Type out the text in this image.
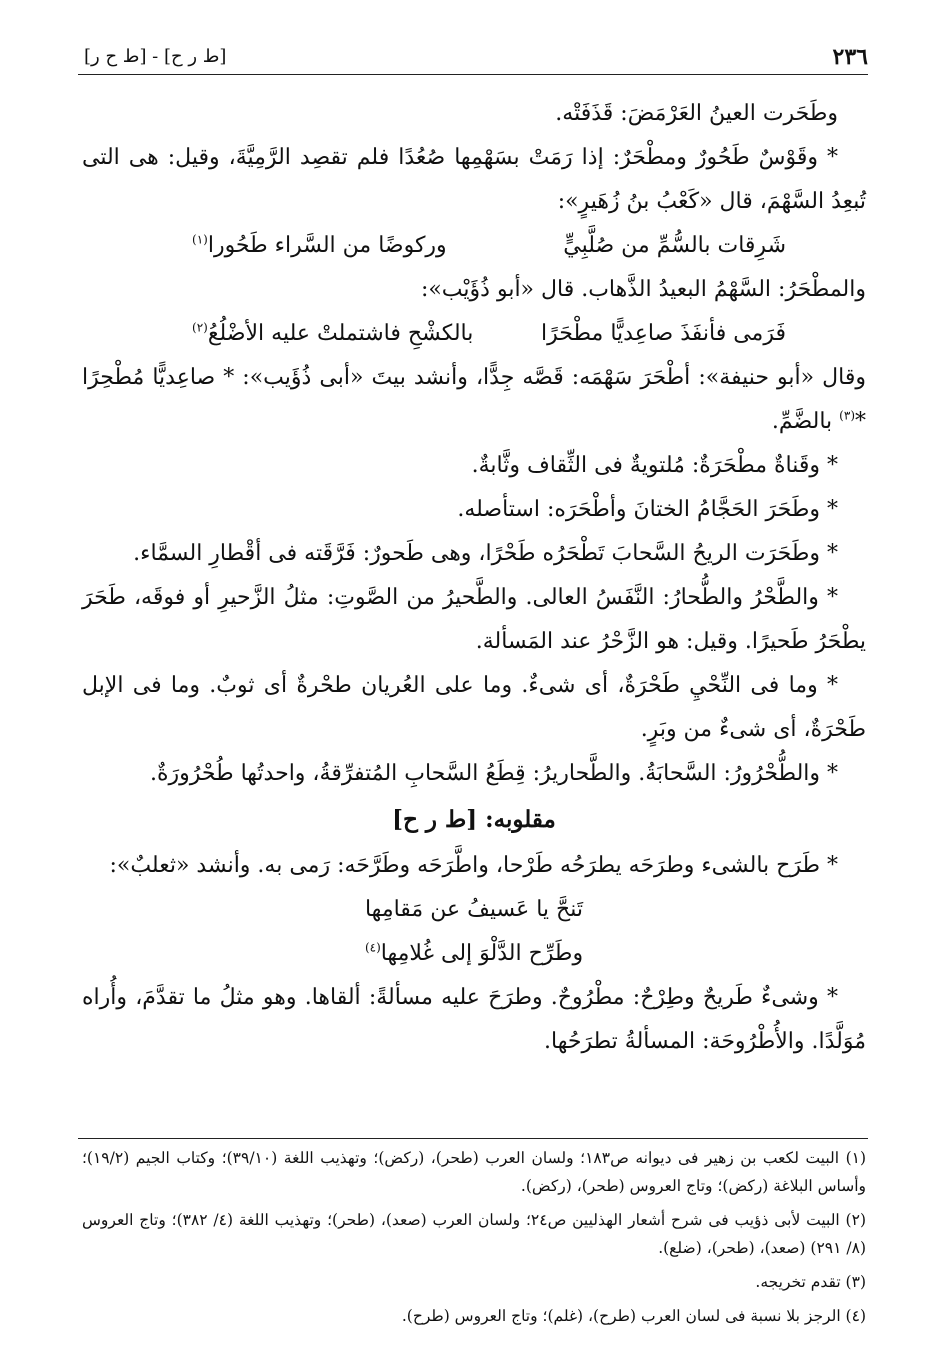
٢٣٦
[ط ح ر] - [ط ر ح]

وطَحَرت العينُ العَرْمَضَ: قَذَفَتْه.

* وقَوْسٌ طَحُورٌ ومطْحَرٌ: إذا رَمَتْ بسَهْمِها صُعُدًا فلم تقصِد الرَّمِيَّةَ، وقيل: هى التى تُبعِدُ السَّهْمَ، قال «كَعْبُ بنُ زُهَيرٍ»:

شَرِقات بالسُّمِّ من صُلَّبِيٍّ
وركوضًا من السَّراء طَحُورا$^{(١)}$

والمطْحَرُ: السَّهْمُ البعيدُ الذَّهاب. قال «أبو ذُؤَيْب»:

فَرَمى فأنفَذَ صاعِديًّا مطْحَرًا
بالكشْحِ فاشتملتْ عليه الأضْلُعُ$^{(٢)}$

وقال «أبو حنيفة»: أطْحَرَ سَهْمَه: قَصَّه جِدًّا، وأنشد بيتَ «أبى ذُؤَيب»: * صاعِديًّا مُطْحِرًا *$^{(٣)}$ بالضَّمِّ.

* وقَناةٌ مطْحَرَةٌ: مُلتويةٌ فى الثِّقاف وثَّابةٌ.

* وطَحَرَ الحَجَّامُ الختانَ وأطْحَرَه: استأصله.

* وطَحَرَت الريحُ السَّحابَ تَطْحَرُه طَحْرًا، وهى طَحورٌ: فَرَّقَته فى أقْطارِ السمَّاء.

* والطَّحْرُ والطُّحارُ: النَّفَسُ العالى. والطَّحيرُ من الصَّوتِ: مثلُ الزَّحيرِ أو فوقَه، طَحَرَ يطْحَرُ طَحيرًا. وقيل: هو الزَّحْرُ عند المَسألة.

* وما فى النِّحْيِ طَحْرَةٌ، أى شىءٌ. وما على العُريان طحْرةٌ أى ثوبٌ. وما فى الإبل طَحْرَةٌ، أى شىءٌ من وبَرٍ.

* والطُّحْرُورُ: السَّحابَةُ. والطَّحاريرُ: قِطَعُ السَّحابِ المُتفرِّقةُ، واحدتُها طُحْرُورَةٌ.

مقلوبه: [ط ر ح]

* طَرَح بالشىء وطرَحَه يطرَحُه طَرْحا، واطَّرَحَه وطَرَّحَه: رَمى به. وأنشد «ثعلبٌ»:

تَنحَّ يا عَسيفُ عن مَقامِها
وطَرِّح الدَّلْوَ إلى غُلامِها$^{(٤)}$

* وشىءٌ طَريحٌ وطِرْحٌ: مطْرُوحٌ. وطرَحَ عليه مسألةً: ألقاها. وهو مثلُ ما تقدَّمَ، وأُراه مُوَلَّدًا. والأُطْرُوحَة: المسألةُ تطرَحُها.

(١) البيت لكعب بن زهير فى ديوانه ص١٨٣؛ ولسان العرب (طحر)، (ركض)؛ وتهذيب اللغة (٣٩/١٠)؛ وكتاب الجيم (١٩/٢)؛ وأساس البلاغة (ركض)؛ وتاج العروس (طحر)، (ركض).

(٢) البيت لأبى ذؤيب فى شرح أشعار الهذليين ص٢٤؛ ولسان العرب (صعد)، (طحر)؛ وتهذيب اللغة (٤/ ٣٨٢)؛ وتاج العروس (٨/ ٢٩١) (صعد)، (طحر)، (ضلع).

(٣) تقدم تخريجه.

(٤) الرجز بلا نسبة فى لسان العرب (طرح)، (غلم)؛ وتاج العروس (طرح).
